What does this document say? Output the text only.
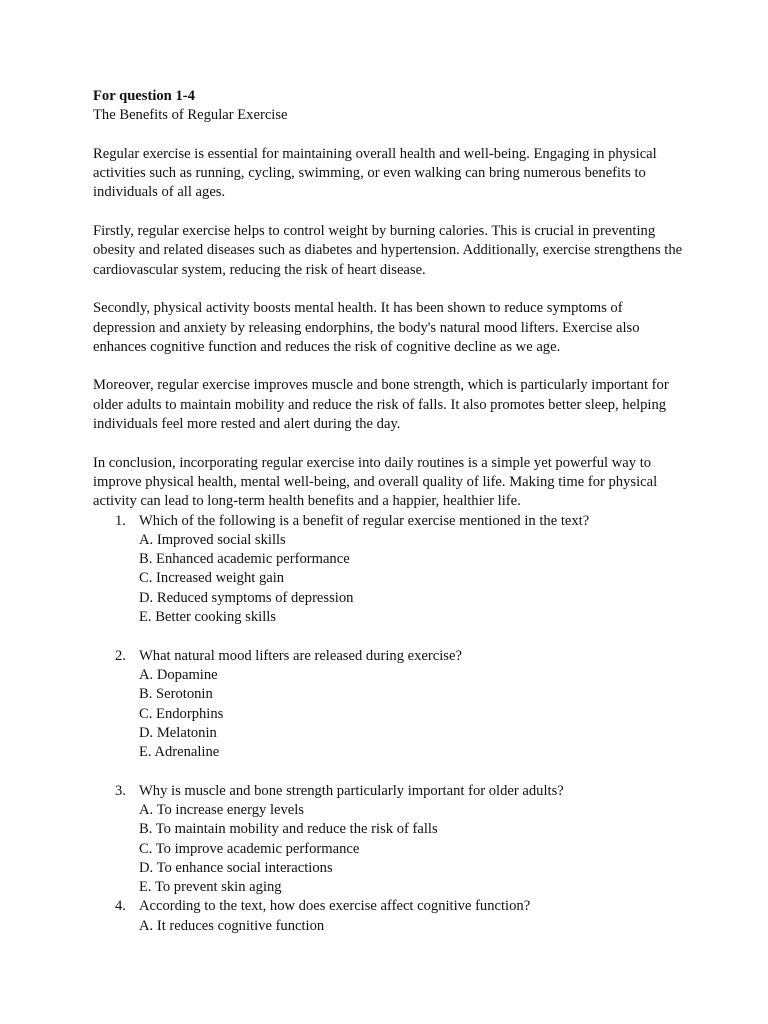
For question 1-4
The Benefits of Regular Exercise

Regular exercise is essential for maintaining overall health and well-being. Engaging in physical activities such as running, cycling, swimming, or even walking can bring numerous benefits to individuals of all ages.

Firstly, regular exercise helps to control weight by burning calories. This is crucial in preventing obesity and related diseases such as diabetes and hypertension. Additionally, exercise strengthens the cardiovascular system, reducing the risk of heart disease.

Secondly, physical activity boosts mental health. It has been shown to reduce symptoms of depression and anxiety by releasing endorphins, the body's natural mood lifters. Exercise also enhances cognitive function and reduces the risk of cognitive decline as we age.

Moreover, regular exercise improves muscle and bone strength, which is particularly important for older adults to maintain mobility and reduce the risk of falls. It also promotes better sleep, helping individuals feel more rested and alert during the day.

In conclusion, incorporating regular exercise into daily routines is a simple yet powerful way to improve physical health, mental well-being, and overall quality of life. Making time for physical activity can lead to long-term health benefits and a happier, healthier life.

1. Which of the following is a benefit of regular exercise mentioned in the text?
A. Improved social skills
B. Enhanced academic performance
C. Increased weight gain
D. Reduced symptoms of depression
E. Better cooking skills
2. What natural mood lifters are released during exercise?
A. Dopamine
B. Serotonin
C. Endorphins
D. Melatonin
E. Adrenaline
3. Why is muscle and bone strength particularly important for older adults?
A. To increase energy levels
B. To maintain mobility and reduce the risk of falls
C. To improve academic performance
D. To enhance social interactions
E. To prevent skin aging
4. According to the text, how does exercise affect cognitive function?
A. It reduces cognitive function
